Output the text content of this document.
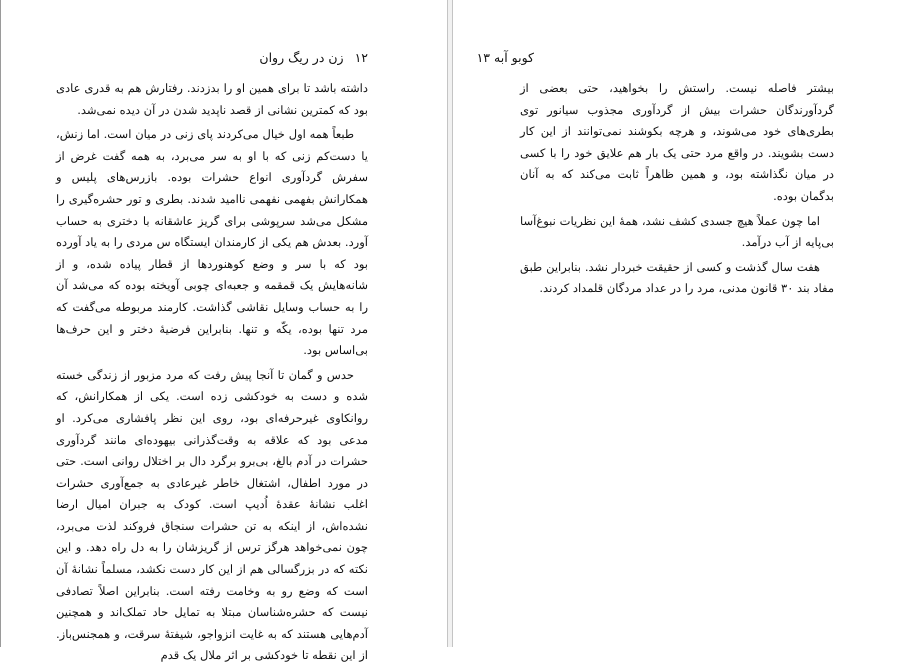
۱۲ زن در ریگ روان

داشته باشد تا برای همین او را بدزدند. رفتارش هم به قدری عادی بود که کمترین نشانی از قصد ناپدید شدن در آن دیده نمی‌شد.

طبعاً همه اول خیال می‌کردند پای زنی در میان است. اما زنش، یا دست‌کم زنی که با او به سر می‌برد، به همه گفت غرض از سفرش گردآوری انواع حشرات بوده. بازرس‌های پلیس و همکارانش بفهمی نفهمی ناامید شدند. بطری و تور حشره‌گیری را مشکل می‌شد سرپوشی برای گریز عاشقانه با دختری به حساب آورد. بعدش هم یکی از کارمندان ایستگاه س مردی را به یاد آورده بود که با سر و وضع کوهنوردها از قطار پیاده شده، و از شانه‌هایش یک قمقمه و جعبه‌ای چوبی آویخته بوده که می‌شد آن را به حساب وسایل نقاشی گذاشت. کارمند مربوطه می‌گفت که مرد تنها بوده، یکّه و تنها. بنابراین فرضیهٔ دختر و این حرف‌ها بی‌اساس بود.

حدس و گمان تا آنجا پیش رفت که مرد مزبور از زندگی خسته شده و دست به خودکشی زده است. یکی از همکارانش، که روانکاوی غیرحرفه‌ای بود، روی این نظر پافشاری می‌کرد. او مدعی بود که علاقه به وقت‌گذرانی بیهوده‌ای مانند گردآوری حشرات در آدم بالغ، بی‌برو برگرد دال بر اختلال روانی است. حتی در مورد اطفال، اشتغال خاطر غیرعادی به جمع‌آوری حشرات اغلب نشانهٔ عقدهٔ اُدیپ است. کودک به جبران امیال ارضا نشده‌اش، از اینکه به تن حشرات سنجاق فروکند لذت می‌برد، چون نمی‌خواهد هرگز ترس از گریزشان را به دل راه دهد. و این نکته که در بزرگسالی هم از این کار دست نکشد، مسلماً نشانهٔ آن است که وضع رو به وخامت رفته است. بنابراین اصلاً تصادفی نیست که حشره‌شناسان مبتلا به تمایل حاد تملک‌اند و همچنین آدم‌هایی هستند که به غایت انزواجو، شیفتهٔ سرقت، و همجنس‌باز. از این نقطه تا خودکشی بر اثر ملال یک قدم

کوبو آبه ۱۳

بیشتر فاصله نیست. راستش را بخواهید، حتی بعضی از گردآورندگان حشرات بیش از گردآوری مجذوب سیانور توی بطری‌های خود می‌شوند، و هرچه بکوشند نمی‌توانند از این کار دست بشویند. در واقع مرد حتی یک بار هم علایق خود را با کسی در میان نگذاشته بود، و همین ظاهراً ثابت می‌کند که به آنان بدگمان بوده.

اما چون عملاً هیچ جسدی کشف نشد، همهٔ این نظریات نبوغ‌آسا بی‌پایه از آب درآمد.

هفت سال گذشت و کسی از حقیقت خبردار نشد. بنابراین طبق مفاد بند ۳۰ قانون مدنی، مرد را در عداد مردگان قلمداد کردند.
